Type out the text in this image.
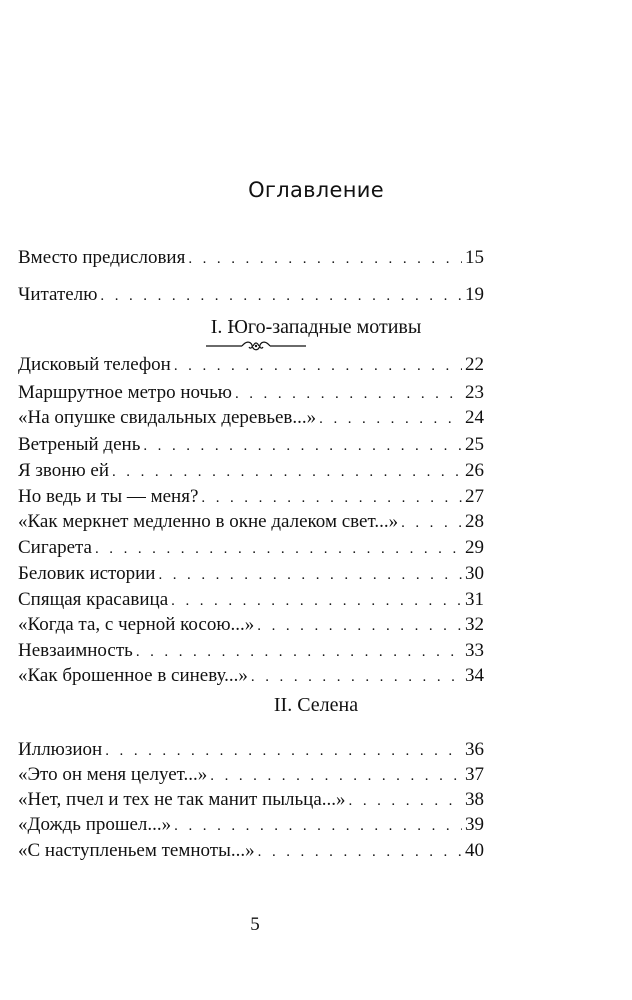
Оглавление
Вместо предисловия . . .	15
Читателю . . .	19
I. Юго-западные мотивы
Дисковый телефон . . .	22
Маршрутное метро ночью . . .	23
«На опушке свидальных деревьев...» . . .	24
Ветреный день . . .	25
Я звоню ей . . .	26
Но ведь и ты — меня? . . .	27
«Как меркнет медленно в окне далеком свет...» . . .	28
Сигарета . . .	29
Беловик истории . . .	30
Спящая красавица . . .	31
«Когда та, с черной косою...» . . .	32
Невзаимность . . .	33
«Как брошенное в синеву...» . . .	34
II. Селена
Иллюзион . . .	36
«Это он меня целует...» . . .	37
«Нет, пчел и тех не так манит пыльца...» . . .	38
«Дождь прошел...» . . .	39
«С наступленьем темноты...» . . .	40
5
